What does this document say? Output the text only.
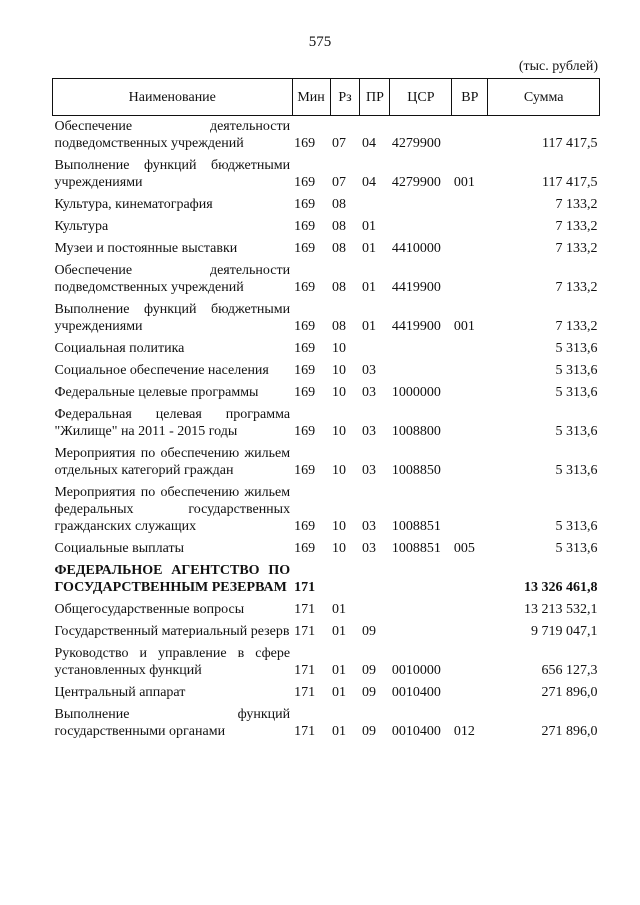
575
(тыс. рублей)
Наименование	Мин	Рз	ПР	ЦСР	ВР	Сумма
Обеспечение деятельности подведомственных учреждений	169	07	04	4279900		117 417,5
Выполнение функций бюджетными учреждениями	169	07	04	4279900	001	117 417,5
Культура, кинематография	169	08				7 133,2
Культура	169	08	01			7 133,2
Музеи и постоянные выставки	169	08	01	4410000		7 133,2
Обеспечение деятельности подведомственных учреждений	169	08	01	4419900		7 133,2
Выполнение функций бюджетными учреждениями	169	08	01	4419900	001	7 133,2
Социальная политика	169	10				5 313,6
Социальное обеспечение населения	169	10	03			5 313,6
Федеральные целевые программы	169	10	03	1000000		5 313,6
Федеральная целевая программа "Жилище" на 2011 - 2015 годы	169	10	03	1008800		5 313,6
Мероприятия по обеспечению жильем отдельных категорий граждан	169	10	03	1008850		5 313,6
Мероприятия по обеспечению жильем федеральных государственных гражданских служащих	169	10	03	1008851		5 313,6
Социальные выплаты	169	10	03	1008851	005	5 313,6
ФЕДЕРАЛЬНОЕ АГЕНТСТВО ПО ГОСУДАРСТВЕННЫМ РЕЗЕРВАМ	171					13 326 461,8
Общегосударственные вопросы	171	01				13 213 532,1
Государственный материальный резерв	171	01	09			9 719 047,1
Руководство и управление в сфере установленных функций	171	01	09	0010000		656 127,3
Центральный аппарат	171	01	09	0010400		271 896,0
Выполнение функций государственными органами	171	01	09	0010400	012	271 896,0
